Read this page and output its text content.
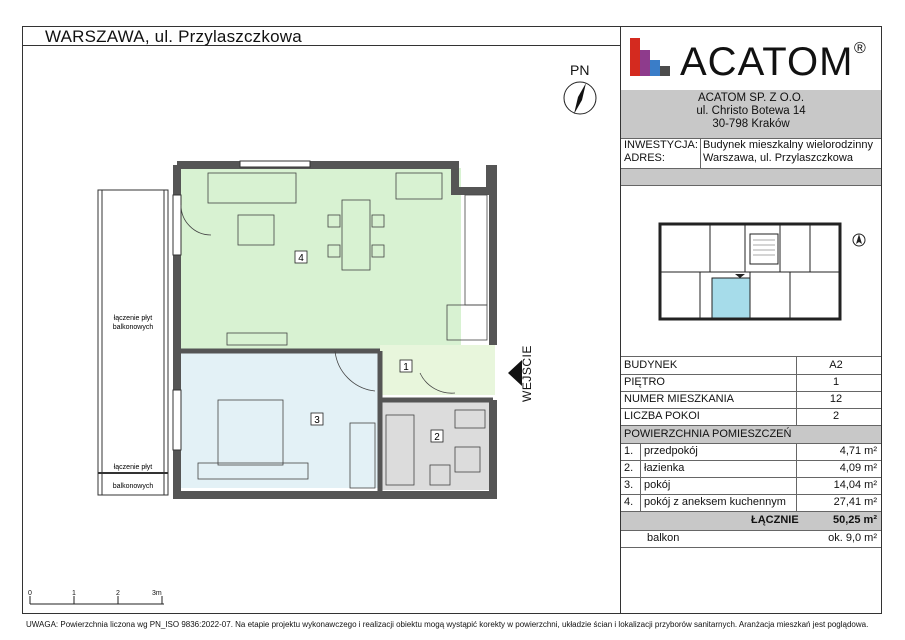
WARSZAWA, ul. Przylaszczkowa
ACATOM ®
ACATOM SP. Z O.O.
ul. Christo Botewa 14
30-798 Kraków
INWESTYCJA: Budynek mieszkalny wielorodzinny
ADRES:	Warszawa, ul. Przylaszczkowa
BUDYNEK	A2
PIĘTRO	1
NUMER MIESZKANIA	12
LICZBA POKOI	2
POWIERZCHNIA POMIESZCZEŃ
1. przedpokój	4,71 m²
2. łazienka	4,09 m²
3. pokój	14,04 m²
4. pokój z aneksem kuchennym	27,41 m²
ŁĄCZNIE	50,25 m²
balkon	ok. 9,0 m²
4
1
3
2
łączenie płyt
balkonowych
łączenie płyt
balkonowych
WEJŚCIE
PN
0	1	2	3m
UWAGA: Powierzchnia liczona wg PN_ISO 9836:2022-07. Na etapie projektu wykonawczego i realizacji obiektu mogą wystąpić korekty w powierzchni, układzie ścian i lokalizacji przyborów sanitarnych. Aranżacja mieszkań jest poglądowa.
